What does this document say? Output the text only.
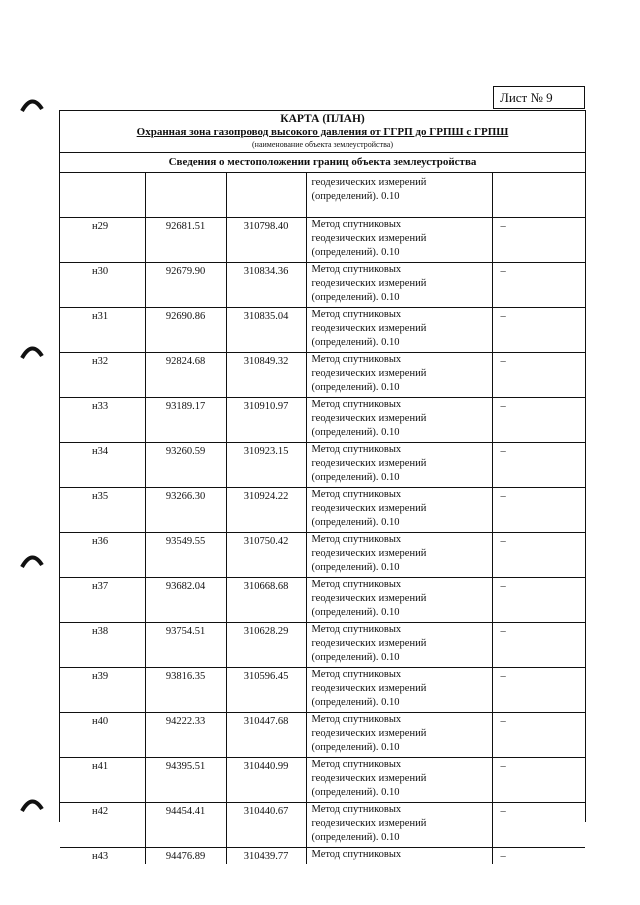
Лист № 9
КАРТА (ПЛАН)
Охранная зона газопровод высокого давления от ГГРП до ГРПШ с ГРПШ
(наименование объекта землеустройства)
Сведения о местоположении границ объекта землеустройства

			геодезических измерений
(определений). 0.10	

н29	92681.51	310798.40	Метод спутниковых
геодезических измерений
(определений). 0.10	–
н30	92679.90	310834.36	Метод спутниковых
геодезических измерений
(определений). 0.10	–
н31	92690.86	310835.04	Метод спутниковых
геодезических измерений
(определений). 0.10	–
н32	92824.68	310849.32	Метод спутниковых
геодезических измерений
(определений). 0.10	–
н33	93189.17	310910.97	Метод спутниковых
геодезических измерений
(определений). 0.10	–
н34	93260.59	310923.15	Метод спутниковых
геодезических измерений
(определений). 0.10	–
н35	93266.30	310924.22	Метод спутниковых
геодезических измерений
(определений). 0.10	–
н36	93549.55	310750.42	Метод спутниковых
геодезических измерений
(определений). 0.10	–
н37	93682.04	310668.68	Метод спутниковых
геодезических измерений
(определений). 0.10	–
н38	93754.51	310628.29	Метод спутниковых
геодезических измерений
(определений). 0.10	–
н39	93816.35	310596.45	Метод спутниковых
геодезических измерений
(определений). 0.10	–
н40	94222.33	310447.68	Метод спутниковых
геодезических измерений
(определений). 0.10	–
н41	94395.51	310440.99	Метод спутниковых
геодезических измерений
(определений). 0.10	–
н42	94454.41	310440.67	Метод спутниковых
геодезических измерений
(определений). 0.10	–
н43	94476.89	310439.77	Метод спутниковых	–
